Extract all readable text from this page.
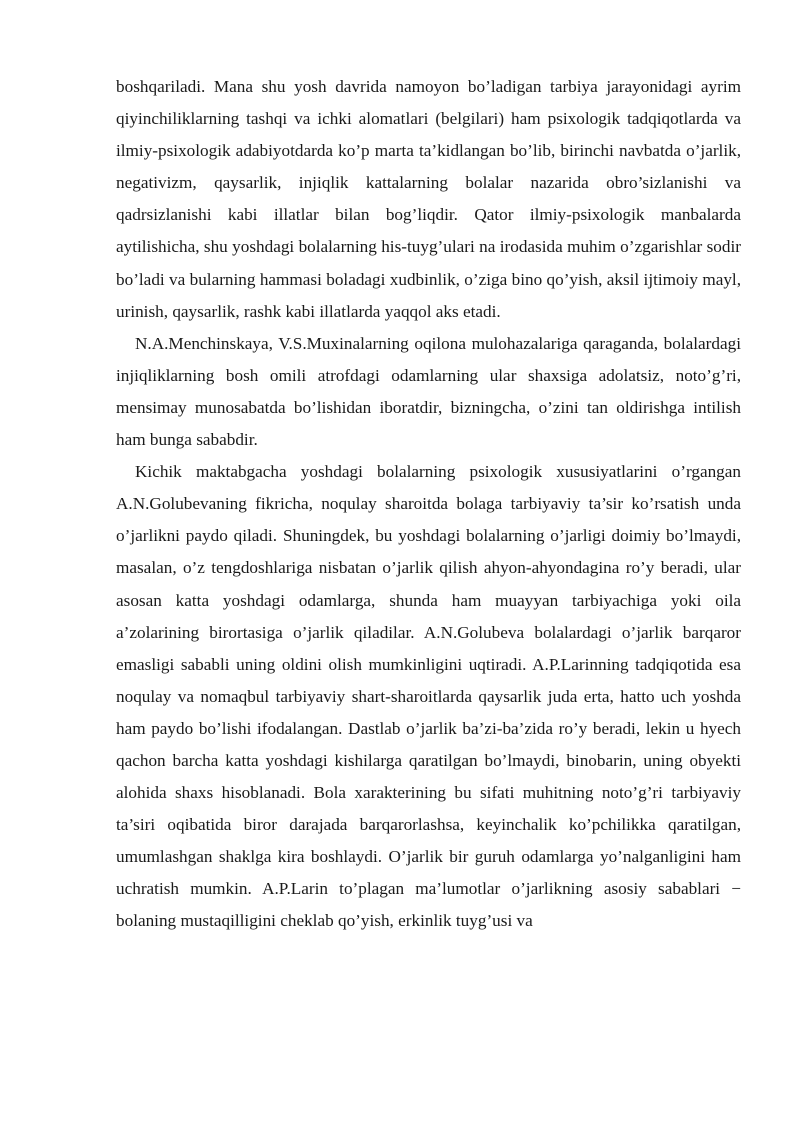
boshqariladi. Mana shu yosh davrida namoyon bo’ladigan tarbiya jarayonidagi ayrim qiyinchiliklarning tashqi va ichki alomatlari (belgilari) ham psixologik tadqiqotlarda va ilmiy-psixologik adabiyotdarda ko’p marta ta’kidlangan bo’lib, birinchi navbatda o’jarlik, negativizm, qaysarlik, injiqlik kattalarning bolalar nazarida obro’sizlanishi va qadrsizlanishi kabi illatlar bilan bog’liqdir. Qator ilmiy-psixologik manbalarda aytilishicha, shu yoshdagi bolalarning his-tuyg’ulari na irodasida muhim o’zgarishlar sodir bo’ladi va bularning hammasi boladagi xudbinlik, o’ziga bino qo’yish, aksil ijtimoiy mayl, urinish, qaysarlik, rashk kabi illatlarda yaqqol aks etadi.

N.A.Menchinskaya, V.S.Muxinalarning oqilona mulohazalariga qaraganda, bolalardagi injiqliklarning bosh omili atrofdagi odamlarning ular shaxsiga adolatsiz, noto’g’ri, mensimay munosabatda bo’lishidan iboratdir, bizningcha, o’zini tan oldirishga intilish ham bunga sababdir.

Kichik maktabgacha yoshdagi bolalarning psixologik xususiyatlarini o’rgangan A.N.Golubevaning fikricha, noqulay sharoitda bolaga tarbiyaviy ta’sir ko’rsatish unda o’jarlikni paydo qiladi. Shuningdek, bu yoshdagi bolalarning o’jarligi doimiy bo’lmaydi, masalan, o’z tengdoshlariga nisbatan o’jarlik qilish ahyon-ahyondagina ro’y beradi, ular asosan katta yoshdagi odamlarga, shunda ham muayyan tarbiyachiga yoki oila a’zolarining birortasiga o’jarlik qiladilar. A.N.Golubeva bolalardagi o’jarlik barqaror emasligi sababli uning oldini olish mumkinligini uqtiradi. A.P.Larinning tadqiqotida esa noqulay va nomaqbul tarbiyaviy shart-sharoitlarda qaysarlik juda erta, hatto uch yoshda ham paydo bo’lishi ifodalangan. Dastlab o’jarlik ba’zi-ba’zida ro’y beradi, lekin u hyech qachon barcha katta yoshdagi kishilarga qaratilgan bo’lmaydi, binobarin, uning obyekti alohida shaxs hisoblanadi. Bola xarakterining bu sifati muhitning noto’g’ri tarbiyaviy ta’siri oqibatida biror darajada barqarorlashsa, keyinchalik ko’pchilikka qaratilgan, umumlashgan shaklga kira boshlaydi. O’jarlik bir guruh odamlarga yo’nalganligini ham uchratish mumkin. A.P.Larin to’plagan ma’lumotlar o’jarlikning asosiy sabablari − bolaning mustaqilligini cheklab qo’yish, erkinlik tuyg’usi va
